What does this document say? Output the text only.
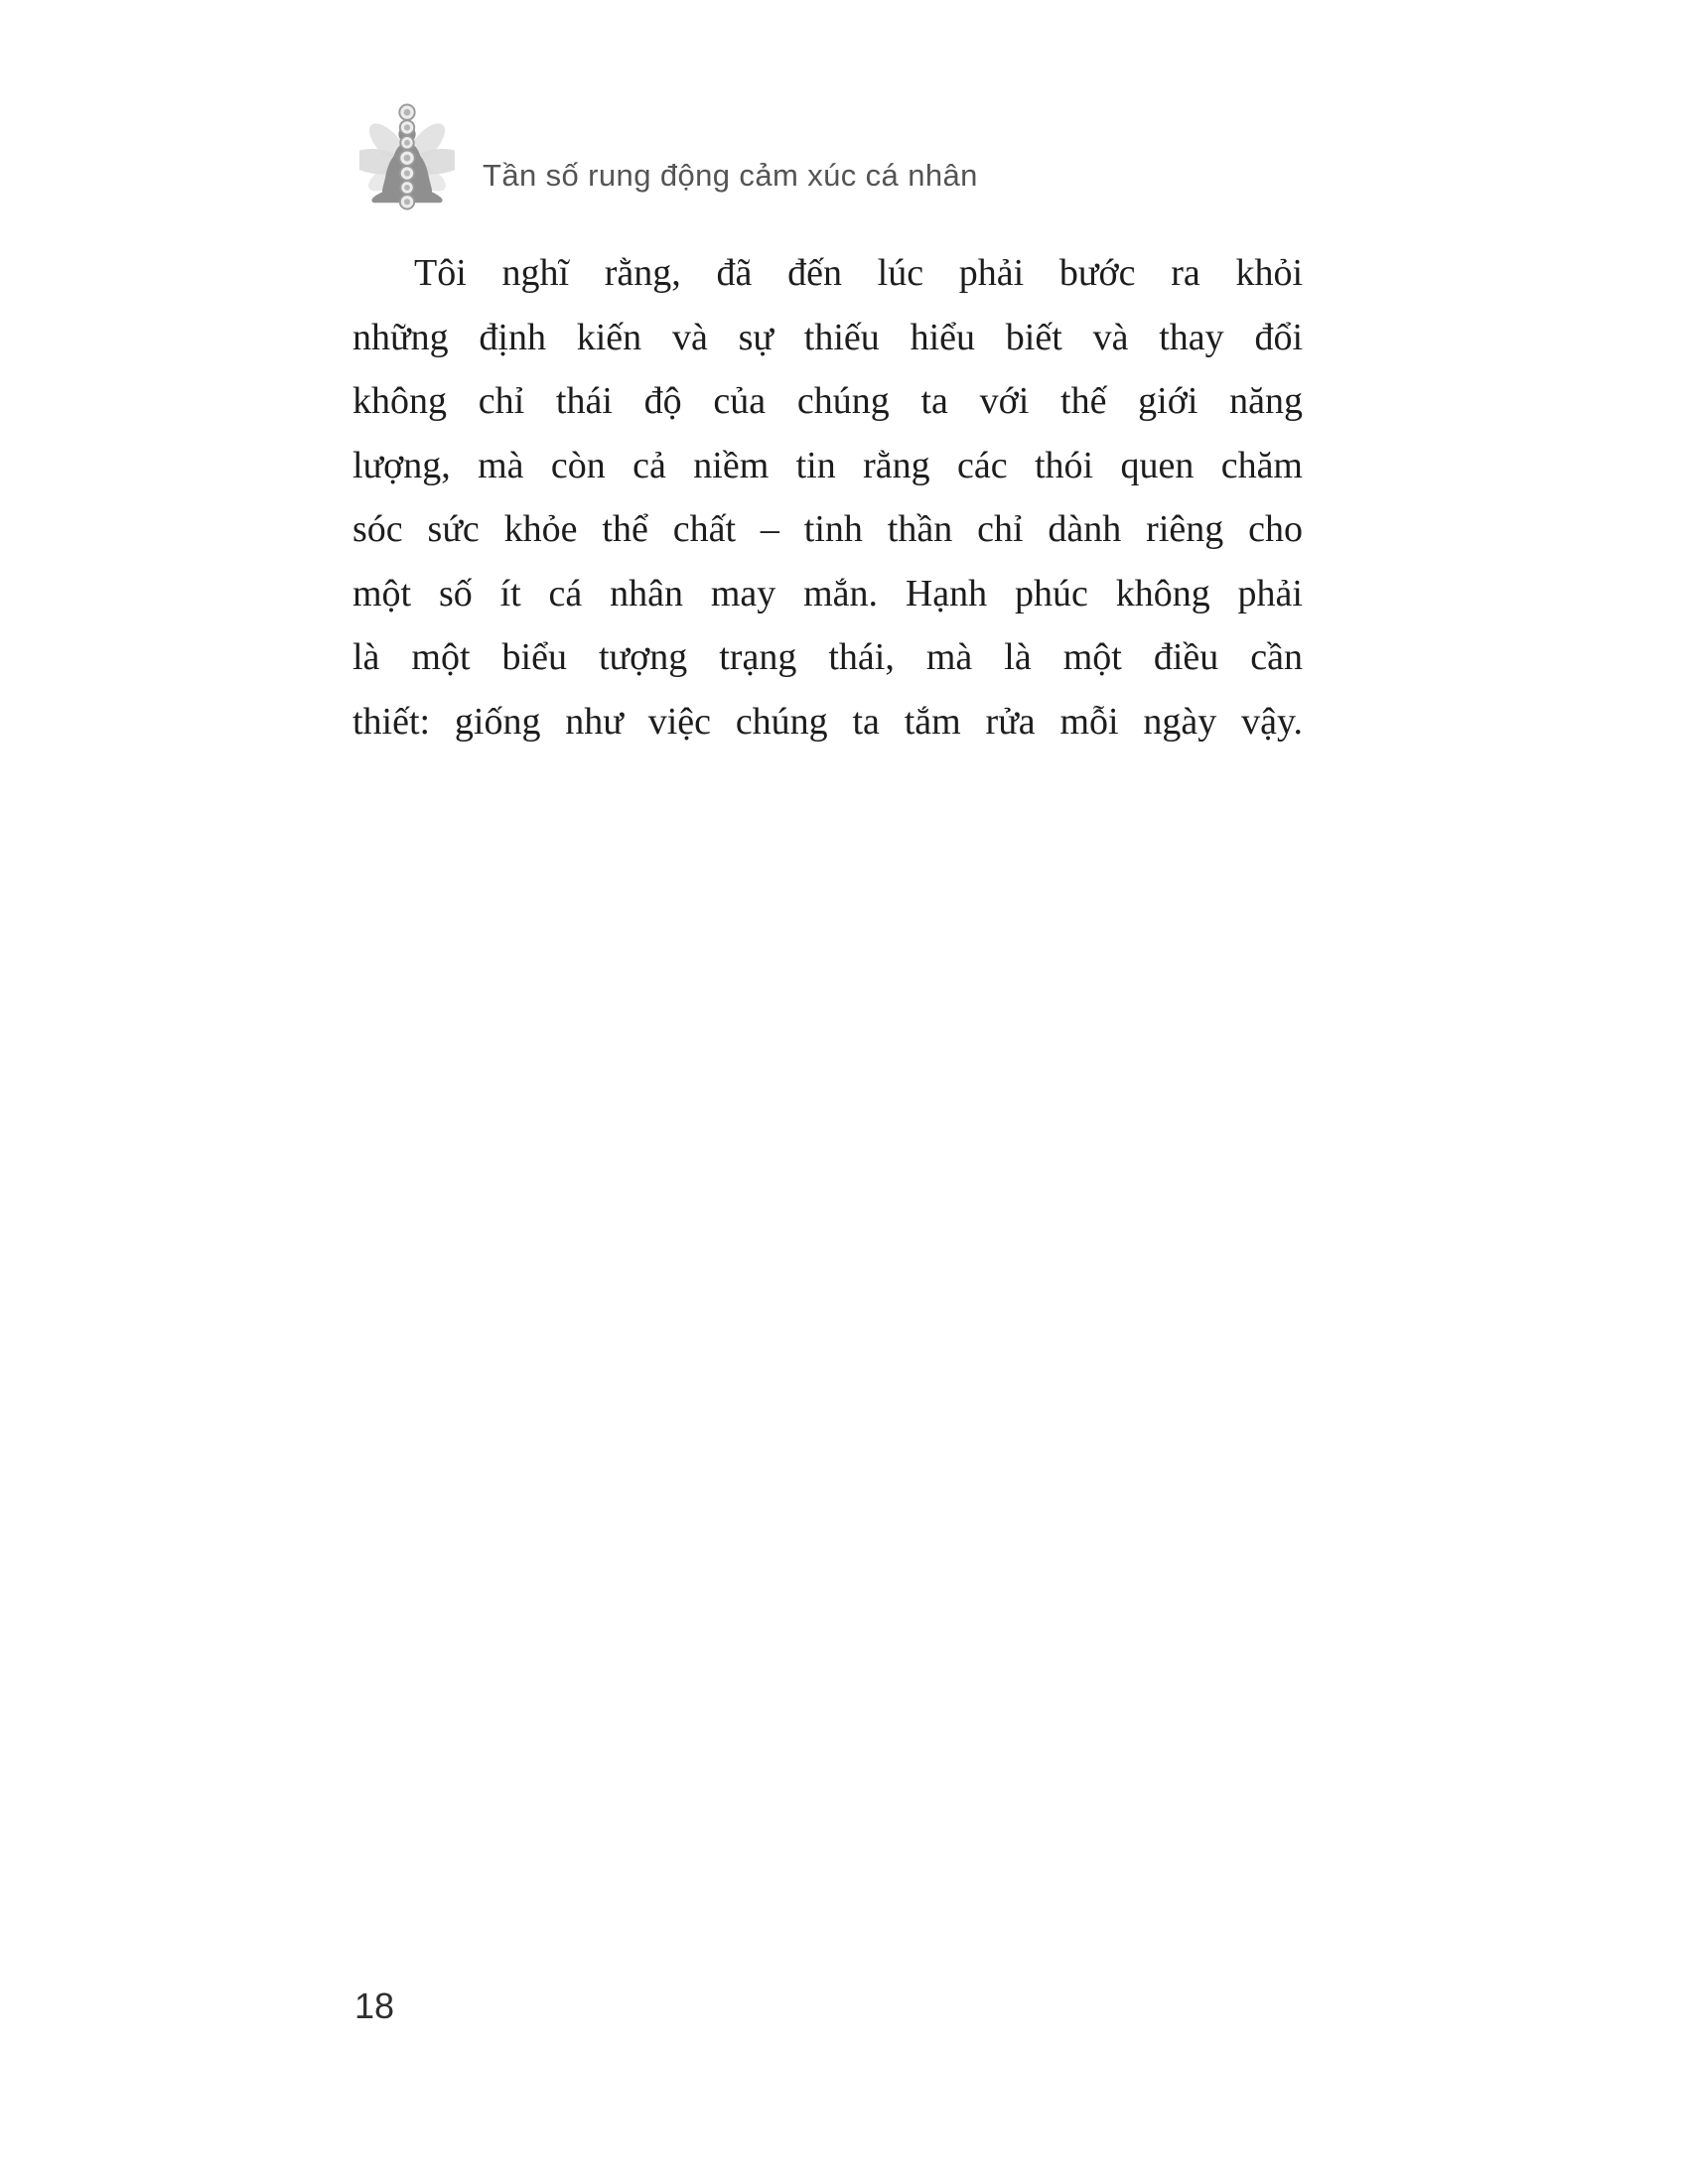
Tần số rung động cảm xúc cá nhân
Tôi nghĩ rằng, đã đến lúc phải bước ra khỏi
những định kiến và sự thiếu hiểu biết và thay đổi
không chỉ thái độ của chúng ta với thế giới năng
lượng, mà còn cả niềm tin rằng các thói quen chăm
sóc sức khỏe thể chất – tinh thần chỉ dành riêng cho
một số ít cá nhân may mắn. Hạnh phúc không phải
là một biểu tượng trạng thái, mà là một điều cần
thiết: giống như việc chúng ta tắm rửa mỗi ngày vậy.
18
